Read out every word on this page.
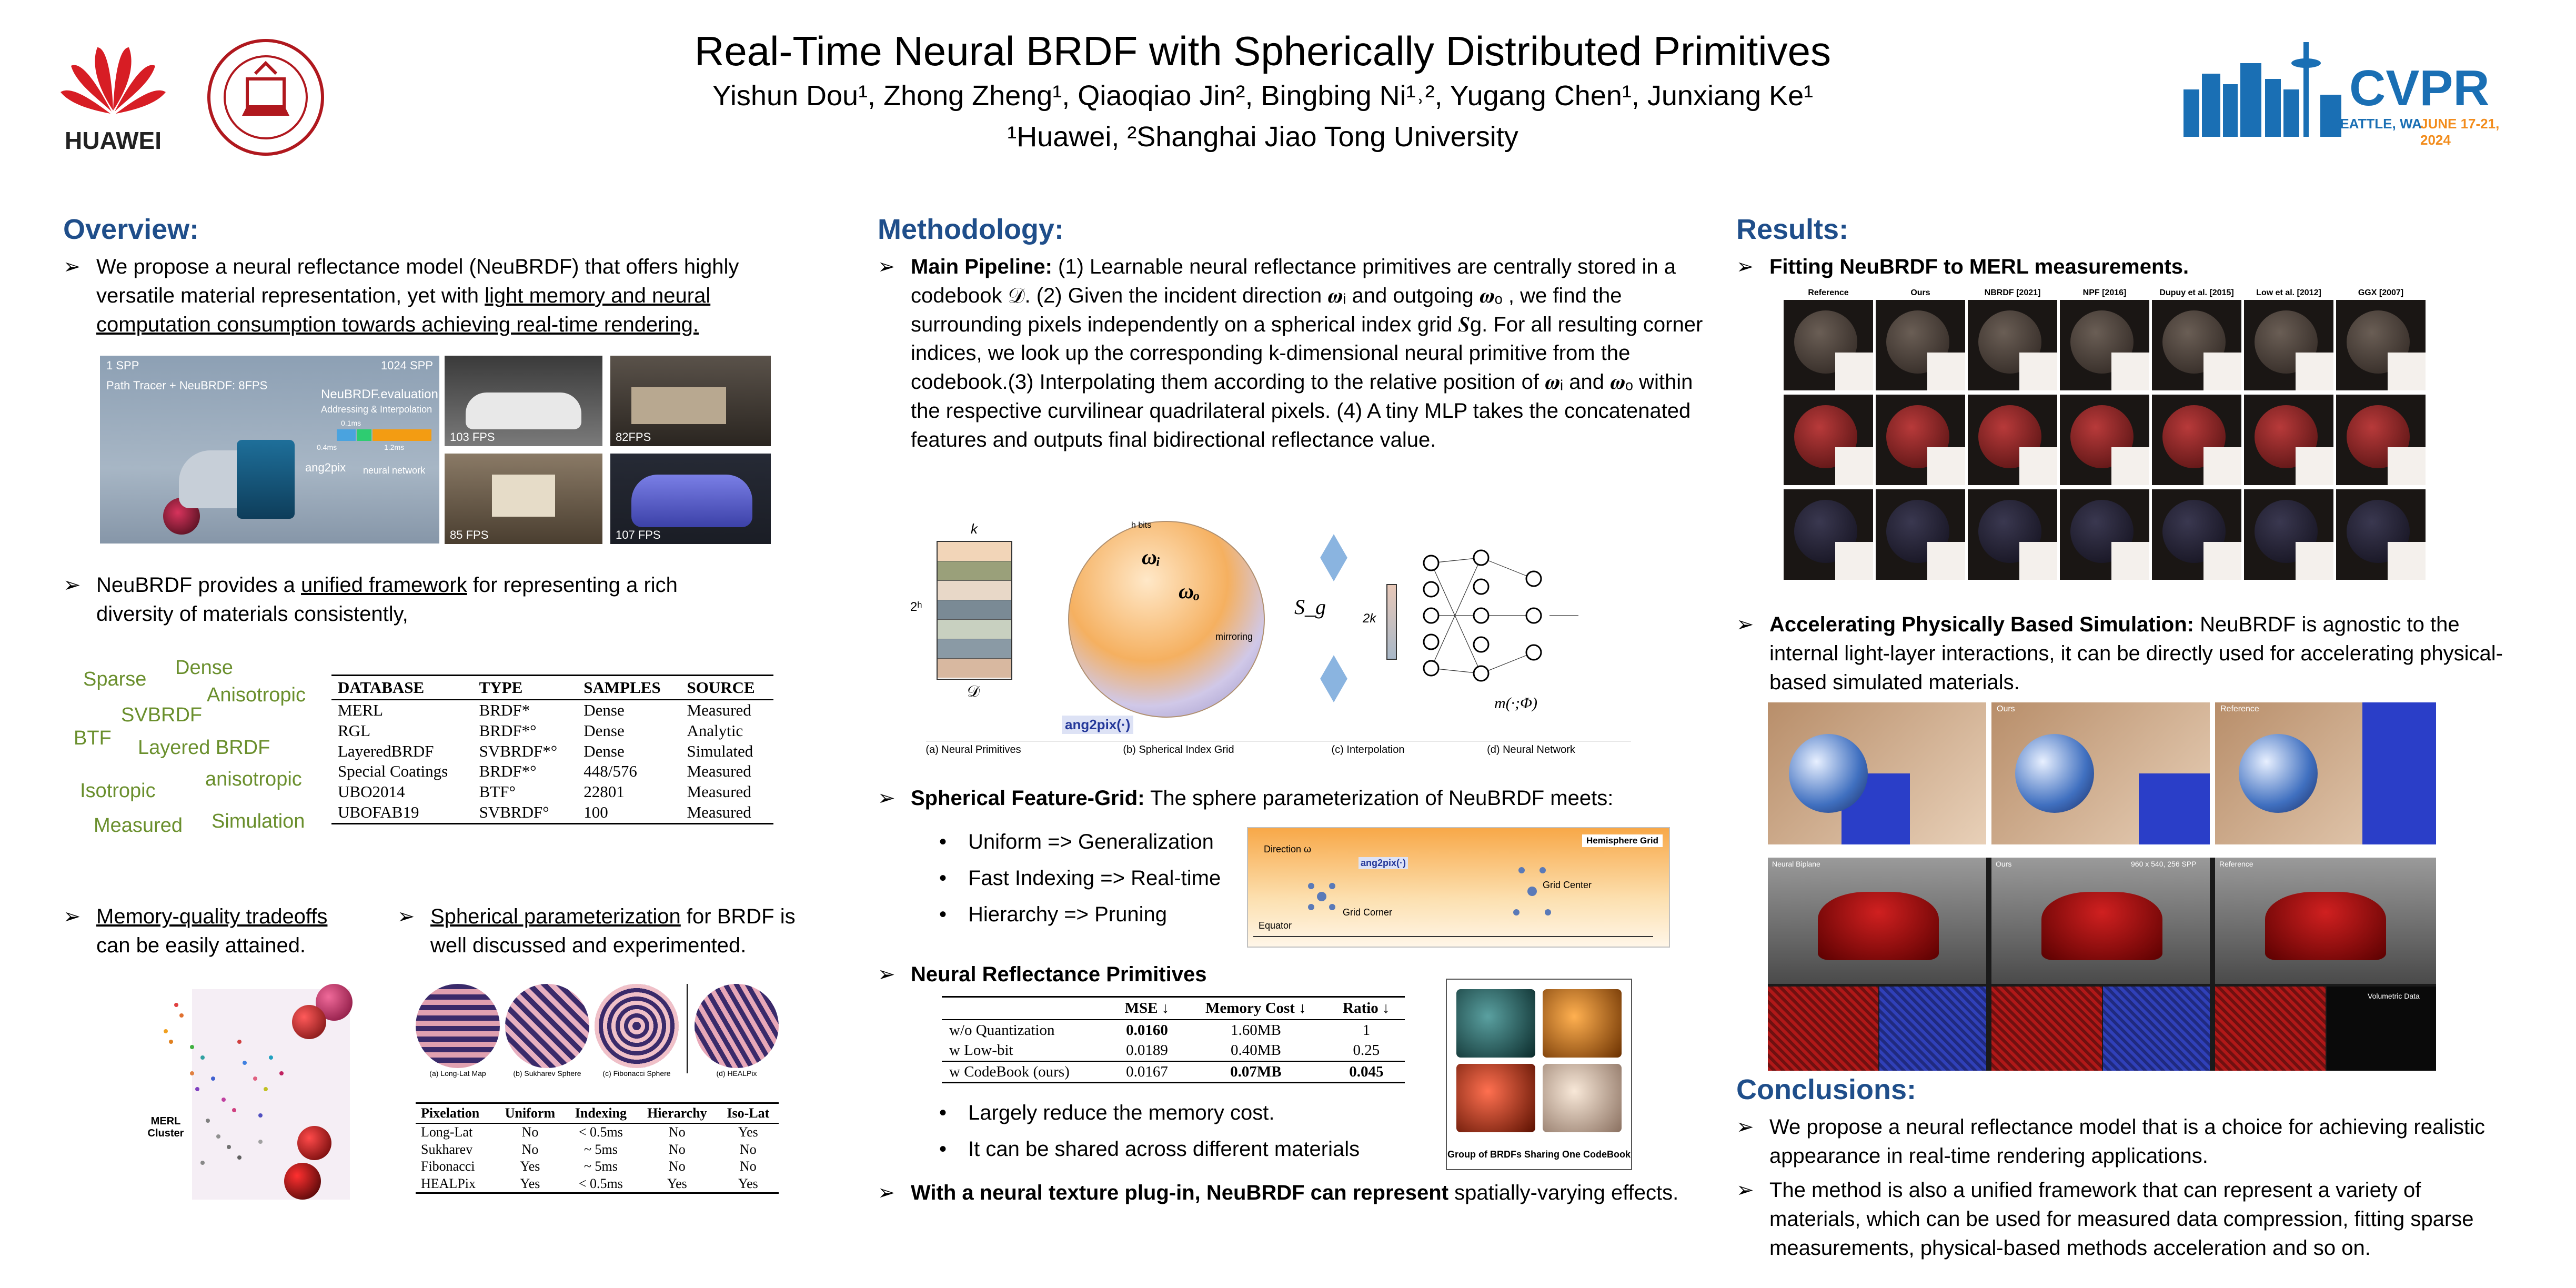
HUAWEI
Real-Time Neural BRDF with Spherically Distributed Primitives
Yishun Dou¹, Zhong Zheng¹, Qiaoqiao Jin², Bingbing Ni¹˒², Yugang Chen¹, Junxiang Ke¹
¹Huawei, ²Shanghai Jiao Tong University
CVPR
SEATTLE, WA
JUNE 17-21, 2024
Overview:
➢ We propose a neural reflectance model (NeuBRDF) that offers highly versatile material representation, yet with light memory and neural computation consumption towards achieving real-time rendering.
1 SPP	1024 SPP
Path Tracer + NeuBRDF: 8FPS
NeuBRDF.evaluation
Addressing & Interpolation
0.1ms
0.4ms	1.2ms
ang2pix neural network
103 FPS	82FPS
85 FPS	107 FPS
➢ NeuBRDF provides a unified framework for representing a rich diversity of materials consistently,
Sparse
Dense
Anisotropic
SVBRDF
BTF Layered BRDF
anisotropic
Isotropic
Measured Simulation
DATABASE	TYPE	SAMPLES	SOURCE
MERL	BRDF*	Dense	Measured
RGL	BRDF*°	Dense	Analytic
LayeredBRDF	SVBRDF*°	Dense	Simulated
Special Coatings	BRDF*°	448/576	Measured
UBO2014	BTF°	22801	Measured
UBOFAB19	SVBRDF°	100	Measured
➢ Memory-quality tradeoffs
can be easily attained.
➢ Spherical parameterization for BRDF is well discussed and experimented.
MERL
Cluster
(a) Long-Lat Map	(b) Sukharev Sphere	(c) Fibonacci Sphere	(d) HEALPix
Pixelation	Uniform	Indexing	Hierarchy	Iso-Lat
Long-Lat	No	< 0.5ms	No	Yes
Sukharev	No	~ 5ms	No	No
Fibonacci	Yes	~ 5ms	No	No
HEALPix	Yes	< 0.5ms	Yes	Yes
Methodology:
➢ Main Pipeline: (1) Learnable neural reflectance primitives are centrally stored in a codebook 𝒟. (2) Given the incident direction 𝝎ᵢ and outgoing 𝝎ₒ , we find the surrounding pixels independently on a spherical index grid 𝑺g. For all resulting corner indices, we look up the corresponding k-dimensional neural primitive from the codebook.(3) Interpolating them according to the relative position of 𝝎ᵢ and 𝝎ₒ within the respective curvilinear quadrilateral pixels. (4) A tiny MLP takes the concatenated features and outputs final bidirectional reflectance value.
k
2ʰ
𝒟
h bits
ωᵢ
ωₒ
mirroring
S_g
ang2pix(·)
2k
m(·;Φ)
(a) Neural Primitives	(b) Spherical Index Grid	(c) Interpolation	(d) Neural Network
➢ Spherical Feature-Grid: The sphere parameterization of NeuBRDF meets:
• Uniform => Generalization
• Fast Indexing => Real-time
• Hierarchy => Pruning
Hemisphere Grid
Direction ω
ang2pix(·)
Grid Center
Grid Corner
Equator
➢ Neural Reflectance Primitives
	MSE ↓	Memory Cost ↓	Ratio ↓
w/o Quantization	0.0160	1.60MB	1
w Low-bit	0.0189	0.40MB	0.25
w CodeBook (ours)	0.0167	0.07MB	0.045
• Largely reduce the memory cost.
• It can be shared across different materials	Group of BRDFs Sharing One CodeBook
➢ With a neural texture plug-in, NeuBRDF can represent spatially-varying effects.
Results:
➢ Fitting NeuBRDF to MERL measurements.
Reference	Ours	NBRDF [2021]	NPF [2016]	Dupuy et al. [2015]	Low et al. [2012]	GGX [2007]
➢ Accelerating Physically Based Simulation: NeuBRDF is agnostic to the internal light-layer interactions, it can be directly used for accelerating physical-based simulated materials.
Ours	Reference
Neural Biplane	Ours	960 x 540, 256 SPP	Reference
Volumetric Data
Conclusions:
➢ We propose a neural reflectance model that is a choice for achieving realistic appearance in real-time rendering applications.
➢ The method is also a unified framework that can represent a variety of materials, which can be used for measured data compression, fitting sparse measurements, physical-based methods acceleration and so on.
